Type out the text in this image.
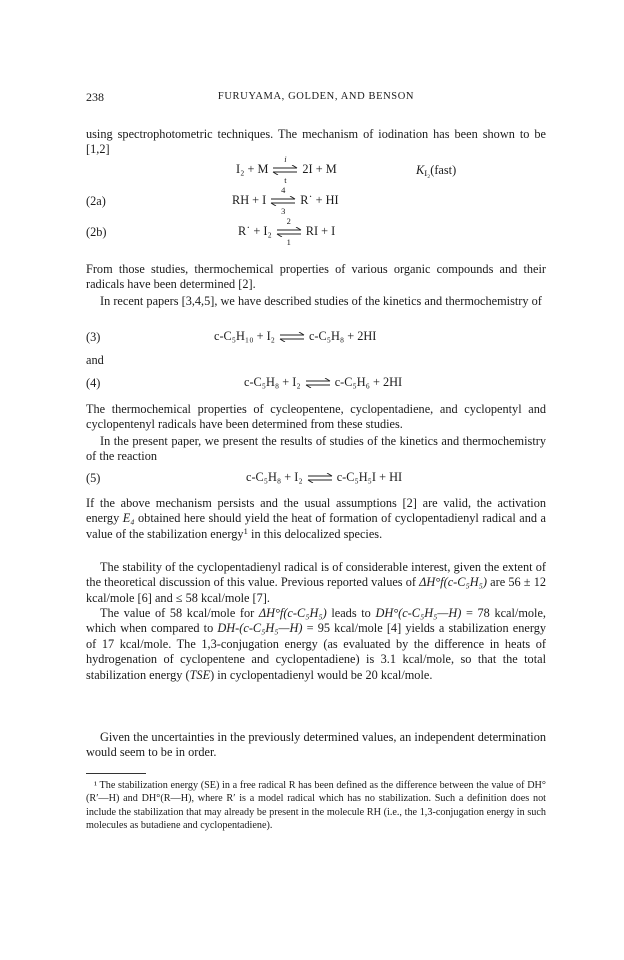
238	FURUYAMA, GOLDEN, AND BENSON
using spectrophotometric techniques. The mechanism of iodination has been shown to be [1,2]
I₂ + M
i
t
2I + M	$K_{I_2}(fast)$
(2a)	RH + I
4
3
R˙ + HI
(2b)	R˙ + I₂
2
1
RI + I
From those studies, thermochemical properties of various organic compounds and their radicals have been determined [2].
In recent papers [3,4,5], we have described studies of the kinetics and thermochemistry of
(3)	c-C₅H₁₀ + I₂ ⇌ c-C₅H₈ + 2HI
and
(4)	c-C₅H₈ + I₂ ⇌ c-C₅H₆ + 2HI
The thermochemical properties of cycleopentene, cyclopentadiene, and cyclopentyl and cyclopentenyl radicals have been determined from these studies.
In the present paper, we present the results of studies of the kinetics and thermochemistry of the reaction
(5)	c-C₅H₈ + I₂ ⇌ c-C₅H₅I + HI
If the above mechanism persists and the usual assumptions [2] are valid, the activation energy E₄ obtained here should yield the heat of formation of cyclopentadienyl radical and a value of the stabilization energy$^1$ in this delocalized species.
The stability of the cyclopentadienyl radical is of considerable interest, given the extent of the theoretical discussion of this value. Previous reported values of ΔH°f(c-C₅H₅) are 56 ± 12 kcal/mole [6] and ≤ 58 kcal/mole [7].
The value of 58 kcal/mole for ΔH°f(c-C₅H₅) leads to DH°(c-C₅H₅—H) = 78 kcal/mole, which when compared to DH-(c-C₅H₅—H) = 95 kcal/mole [4] yields a stabilization energy of 17 kcal/mole. The 1,3-conjugation energy (as evaluated by the difference in heats of hydrogenation of cyclopentene and cyclopentadiene) is 3.1 kcal/mole, so that the total stabilization energy (TSE) in cyclopentadienyl would be 20 kcal/mole.
Given the uncertainties in the previously determined values, an independent determination would seem to be in order.
¹ The stabilization energy (SE) in a free radical R has been defined as the difference between the value of DH°(R′—H) and DH°(R—H), where R′ is a model radical which has no stabilization. Such a definition does not include the stabilization that may already be present in the molecule RH (i.e., the 1,3-conjugation energy in such molecules as butadiene and cyclopentadiene).
